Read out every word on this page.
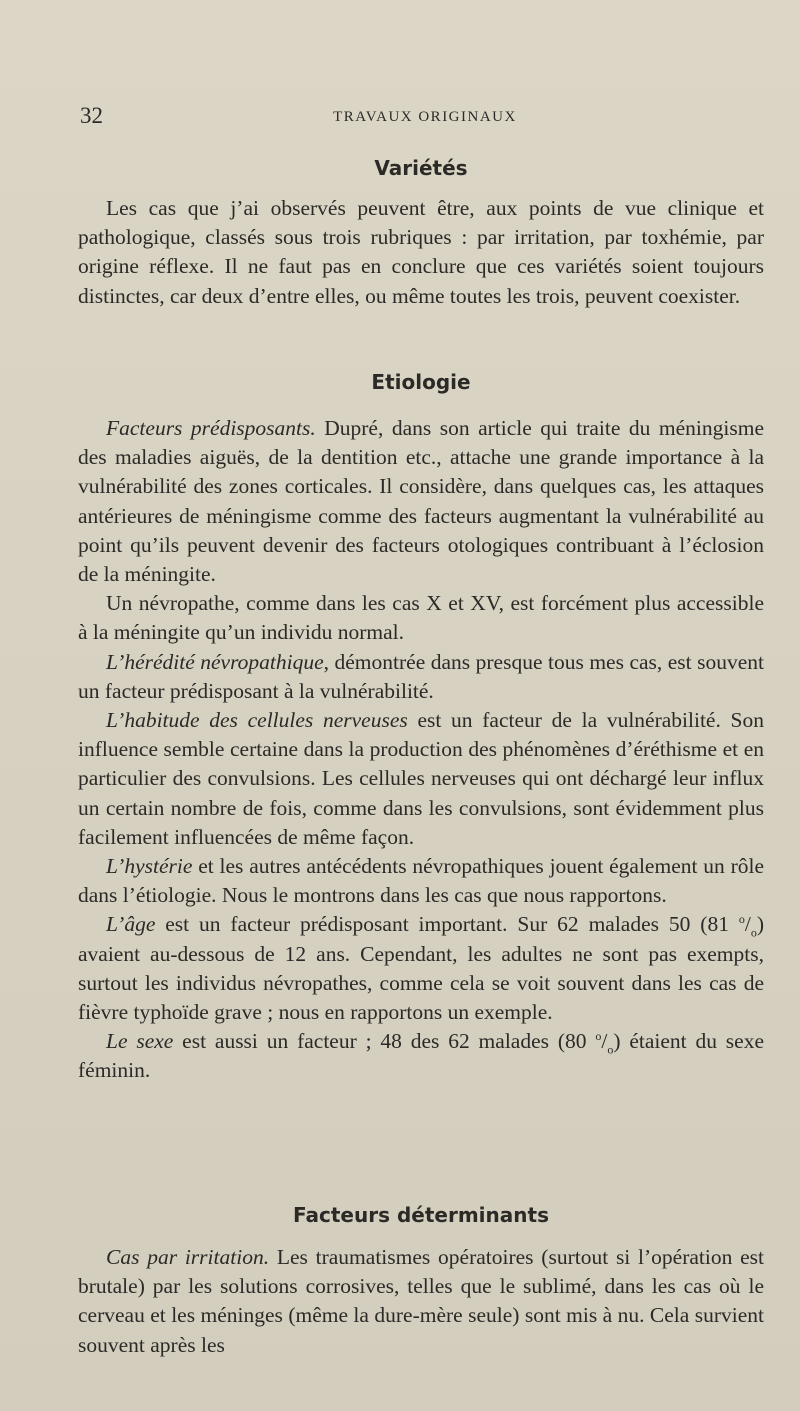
32	TRAVAUX ORIGINAUX
Variétés

Les cas que j’ai observés peuvent être, aux points de vue clinique et pathologique, classés sous trois rubriques : par irritation, par toxhémie, par origine réflexe. Il ne faut pas en conclure que ces variétés soient toujours distinctes, car deux d’entre elles, ou même toutes les trois, peuvent coexister.

Etiologie

Facteurs prédisposants. Dupré, dans son article qui traite du méningisme des maladies aiguës, de la dentition etc., attache une grande importance à la vulnérabilité des zones corticales. Il considère, dans quelques cas, les attaques antérieures de méningisme comme des facteurs augmentant la vulnérabilité au point qu’ils peuvent devenir des facteurs otologiques contribuant à l’éclosion de la méningite.

Un névropathe, comme dans les cas X et XV, est forcément plus accessible à la méningite qu’un individu normal.

L’hérédité névropathique, démontrée dans presque tous mes cas, est souvent un facteur prédisposant à la vulnérabilité.

L’habitude des cellules nerveuses est un facteur de la vulnérabilité. Son influence semble certaine dans la production des phénomènes d’éréthisme et en particulier des convulsions. Les cellules nerveuses qui ont déchargé leur influx un certain nombre de fois, comme dans les convulsions, sont évidemment plus facilement influencées de même façon.

L’hystérie et les autres antécédents névropathiques jouent également un rôle dans l’étiologie. Nous le montrons dans les cas que nous rapportons.

L’âge est un facteur prédisposant important. Sur 62 malades 50 (81 $^o/_o$) avaient au-dessous de 12 ans. Cependant, les adultes ne sont pas exempts, surtout les individus névropathes, comme cela se voit souvent dans les cas de fièvre typhoïde grave ; nous en rapportons un exemple.

Le sexe est aussi un facteur ; 48 des 62 malades (80 $^o/_o$) étaient du sexe féminin.

Facteurs déterminants

Cas par irritation. Les traumatismes opératoires (surtout si l’opération est brutale) par les solutions corrosives, telles que le sublimé, dans les cas où le cerveau et les méninges (même la dure-mère seule) sont mis à nu. Cela survient souvent après les
